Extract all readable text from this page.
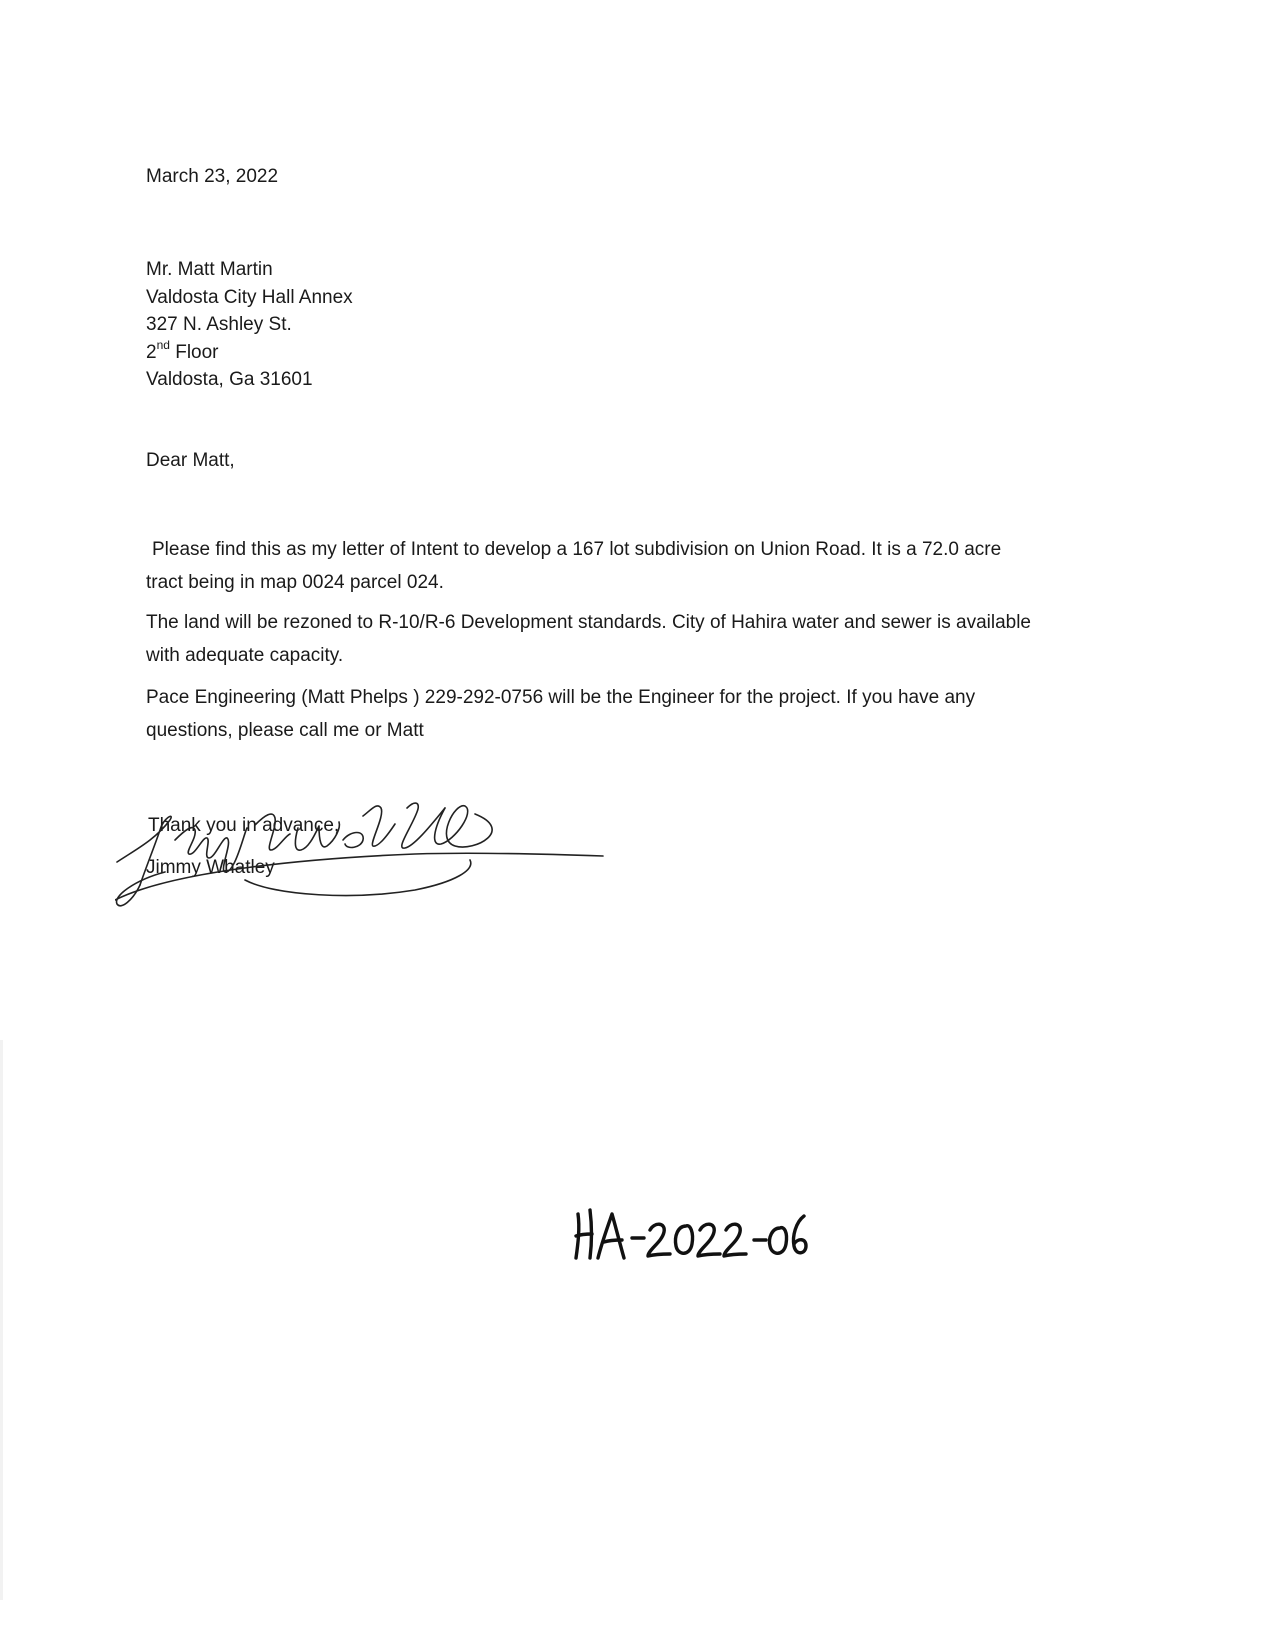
March 23, 2022
Mr. Matt Martin
Valdosta City Hall Annex
327 N. Ashley St.
2nd Floor
Valdosta, Ga 31601
Dear Matt,
Please find this as my letter of Intent to develop a 167 lot subdivision on Union Road. It is a 72.0 acre
tract being in map 0024 parcel 024.
The land will be rezoned to R-10/R-6 Development standards. City of Hahira water and sewer is available
with adequate capacity.
Pace Engineering (Matt Phelps ) 229-292-0756 will be the Engineer for the project. If you have any
questions, please call me or Matt
Thank you in advance,
Jimmy Whatley
